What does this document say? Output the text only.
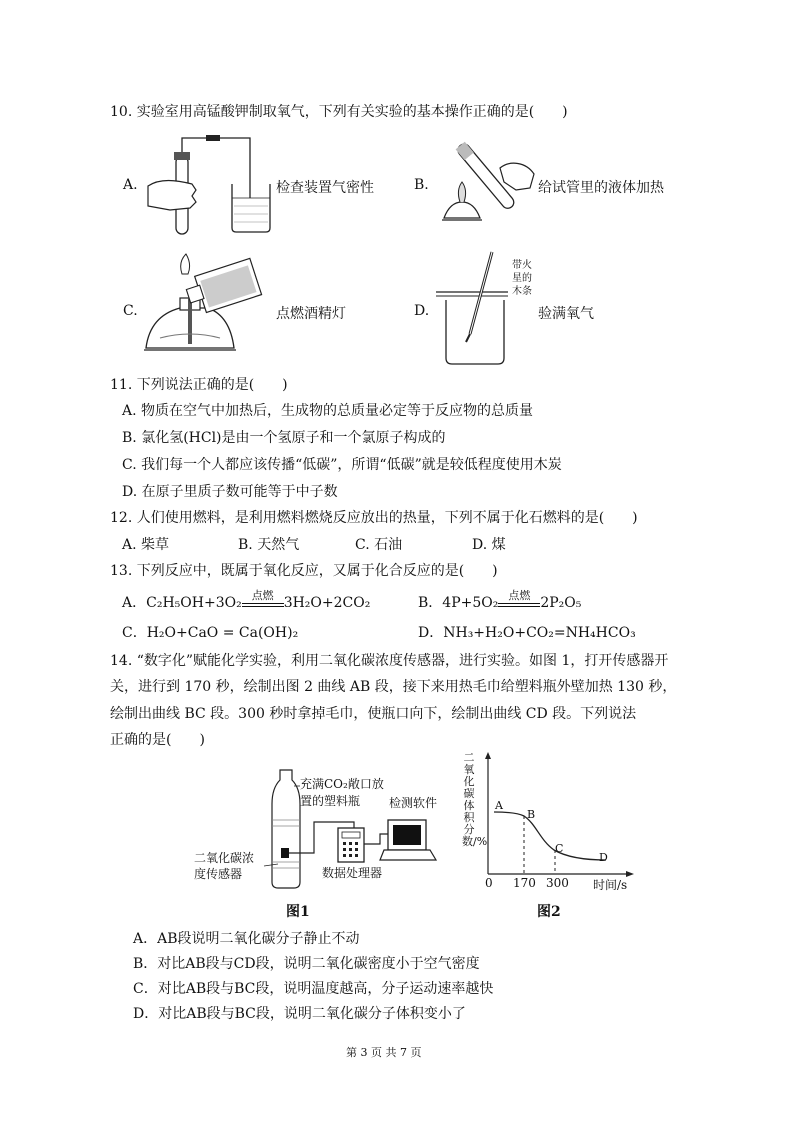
10. 实验室用高锰酸钾制取氧气，下列有关实验的基本操作正确的是(　　)
A.	检查装置气密性	B.	给试管里的液体加热
C.	点燃酒精灯	D.
带火
星的
木条
验满氧气
11. 下列说法正确的是(　　)
A. 物质在空气中加热后，生成物的总质量必定等于反应物的总质量
B. 氯化氢(HCl)是由一个氢原子和一个氯原子构成的
C. 我们每一个人都应该传播“低碳”，所谓“低碳”就是较低程度使用木炭
D. 在原子里质子数可能等于中子数
12. 人们使用燃料，是利用燃料燃烧反应放出的热量，下列不属于化石燃料的是(　　)
A. 柴草	B. 天然气	C. 石油	D. 煤
13. 下列反应中，既属于氧化反应，又属于化合反应的是(　　)
A．C₂H₅OH+3O₂ 点燃 3H₂O+2CO₂	B．4P+5O₂ 点燃 2P₂O₅
C．H₂O+CaO = Ca(OH)₂	D．NH₃+H₂O+CO₂=NH₄HCO₃
14. “数字化”赋能化学实验，利用二氧化碳浓度传感器，进行实验。如图 1，打开传感器开
关，进行到 170 秒，绘制出图 2 曲线 AB 段，接下来用热毛巾给塑料瓶外壁加热 130 秒，
绘制出曲线 BC 段。300 秒时拿掉毛巾，使瓶口向下，绘制出曲线 CD 段。下列说法
正确的是(　　)
充满CO₂敞口放
置的塑料瓶	检测软件
二氧化碳浓
度传感器	数据处理器
图1
二氧化碳体积分数/%
A
B
C
D
0 170 300 时间/s
图2
A．AB段说明二氧化碳分子静止不动
B．对比AB段与CD段，说明二氧化碳密度小于空气密度
C．对比AB段与BC段，说明温度越高，分子运动速率越快
D．对比AB段与BC段，说明二氧化碳分子体积变小了
第 3 页 共 7 页
